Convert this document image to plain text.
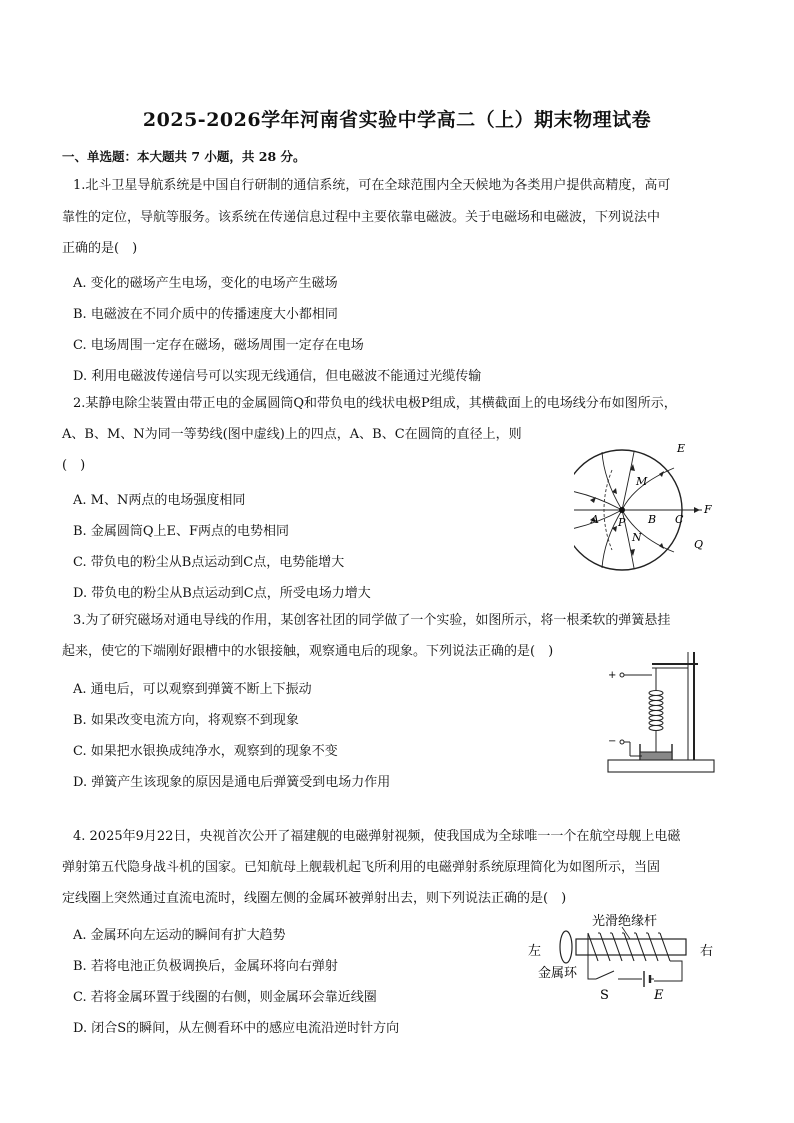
2025-2026学年河南省实验中学高二（上）期末物理试卷
一、单选题：本大题共 7 小题，共 28 分。
1.北斗卫星导航系统是中国自行研制的通信系统，可在全球范围内全天候地为各类用户提供高精度，高可
靠性的定位，导航等服务。该系统在传递信息过程中主要依靠电磁波。关于电磁场和电磁波，下列说法中
正确的是(　)
A. 变化的磁场产生电场，变化的电场产生磁场
B. 电磁波在不同介质中的传播速度大小都相同
C. 电场周围一定存在磁场，磁场周围一定存在电场
D. 利用电磁波传递信号可以实现无线通信，但电磁波不能通过光缆传输
2.某静电除尘装置由带正电的金属圆筒Q和带负电的线状电极P组成，其横截面上的电场线分布如图所示，
A、B、M、N为同一等势线(图中虚线)上的四点，A、B、C在圆筒的直径上，则
(　)
A. M、N两点的电场强度相同
B. 金属圆筒Q上E、F两点的电势相同
C. 带负电的粉尘从B点运动到C点，电势能增大
D. 带负电的粉尘从B点运动到C点，所受电场力增大
E
M
F
A P B C
N
Q
3.为了研究磁场对通电导线的作用，某创客社团的同学做了一个实验，如图所示，将一根柔软的弹簧悬挂
起来，使它的下端刚好跟槽中的水银接触，观察通电后的现象。下列说法正确的是(　)
A. 通电后，可以观察到弹簧不断上下振动
B. 如果改变电流方向，将观察不到现象
C. 如果把水银换成纯净水，观察到的现象不变
D. 弹簧产生该现象的原因是通电后弹簧受到电场力作用
+
−
4. 2025年9月22日，央视首次公开了福建舰的电磁弹射视频，使我国成为全球唯一一个在航空母舰上电磁
弹射第五代隐身战斗机的国家。已知航母上舰载机起飞所利用的电磁弹射系统原理简化为如图所示，当固
定线圈上突然通过直流电流时，线圈左侧的金属环被弹射出去，则下列说法正确的是(　)
A. 金属环向左运动的瞬间有扩大趋势
B. 若将电池正负极调换后，金属环将向右弹射
C. 若将金属环置于线圈的右侧，则金属环会靠近线圈
D. 闭合S的瞬间，从左侧看环中的感应电流沿逆时针方向
光滑绝缘杆
左	右
金属环
S	E
